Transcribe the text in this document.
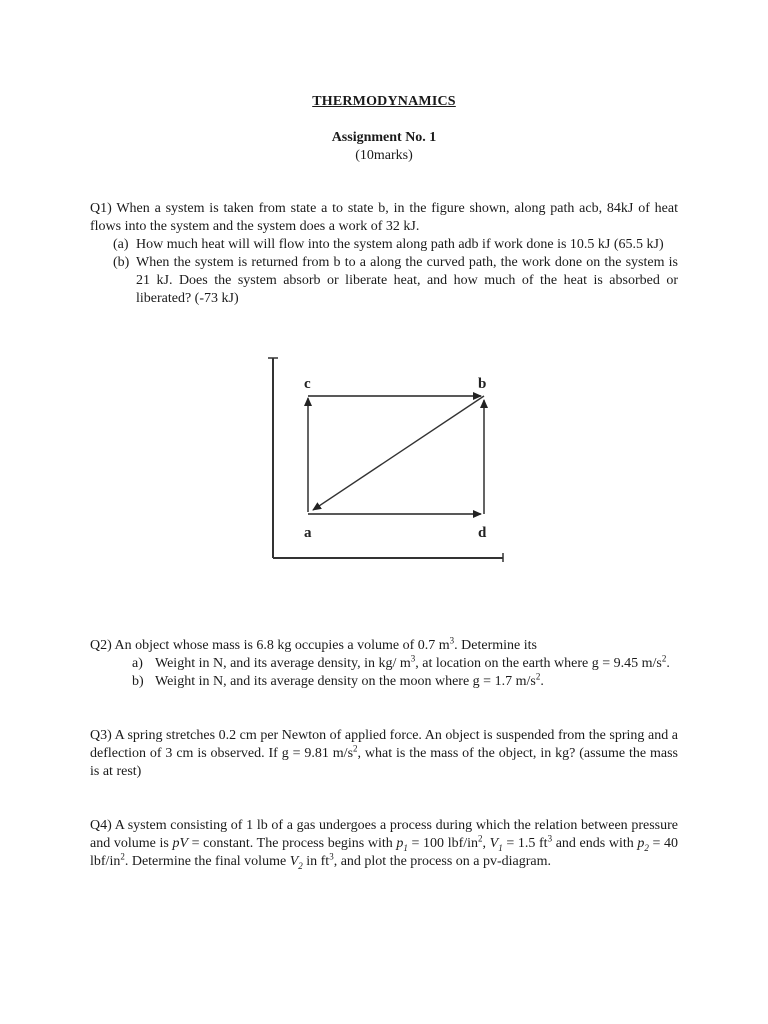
THERMODYNAMICS
Assignment No. 1
(10marks)
Q1) When a system is taken from state a to state b, in the figure shown, along path acb, 84kJ of heat flows into the system and the system does a work of 32 kJ.
(a) How much heat will will flow into the system along path adb if work done is 10.5 kJ (65.5 kJ)
(b) When the system is returned from b to a along the curved path, the work done on the system is 21 kJ. Does the system absorb or liberate heat, and how much of the heat is absorbed or liberated? (-73 kJ)
c	b
a	d
Q2) An object whose mass is 6.8 kg occupies a volume of 0.7 $m^3$. Determine its
a) Weight in N, and its average density, in kg/ $m^3$, at location on the earth where g = 9.45 $m/s^2$.
b) Weight in N, and its average density on the moon where g = 1.7 $m/s^2$.
Q3) A spring stretches 0.2 cm per Newton of applied force. An object is suspended from the spring and a deflection of 3 cm is observed. If g = 9.81 $m/s^2$, what is the mass of the object, in kg? (assume the mass is at rest)
Q4) A system consisting of 1 lb of a gas undergoes a process during which the relation between pressure and volume is pV = constant. The process begins with $p_1 = 100$ lbf/$in^2$, $V_1 = 1.5$ $ft^3$ and ends with $p_2 = 40$ lbf/$in^2$. Determine the final volume $V_2$ in $ft^3$, and plot the process on a pv-diagram.
